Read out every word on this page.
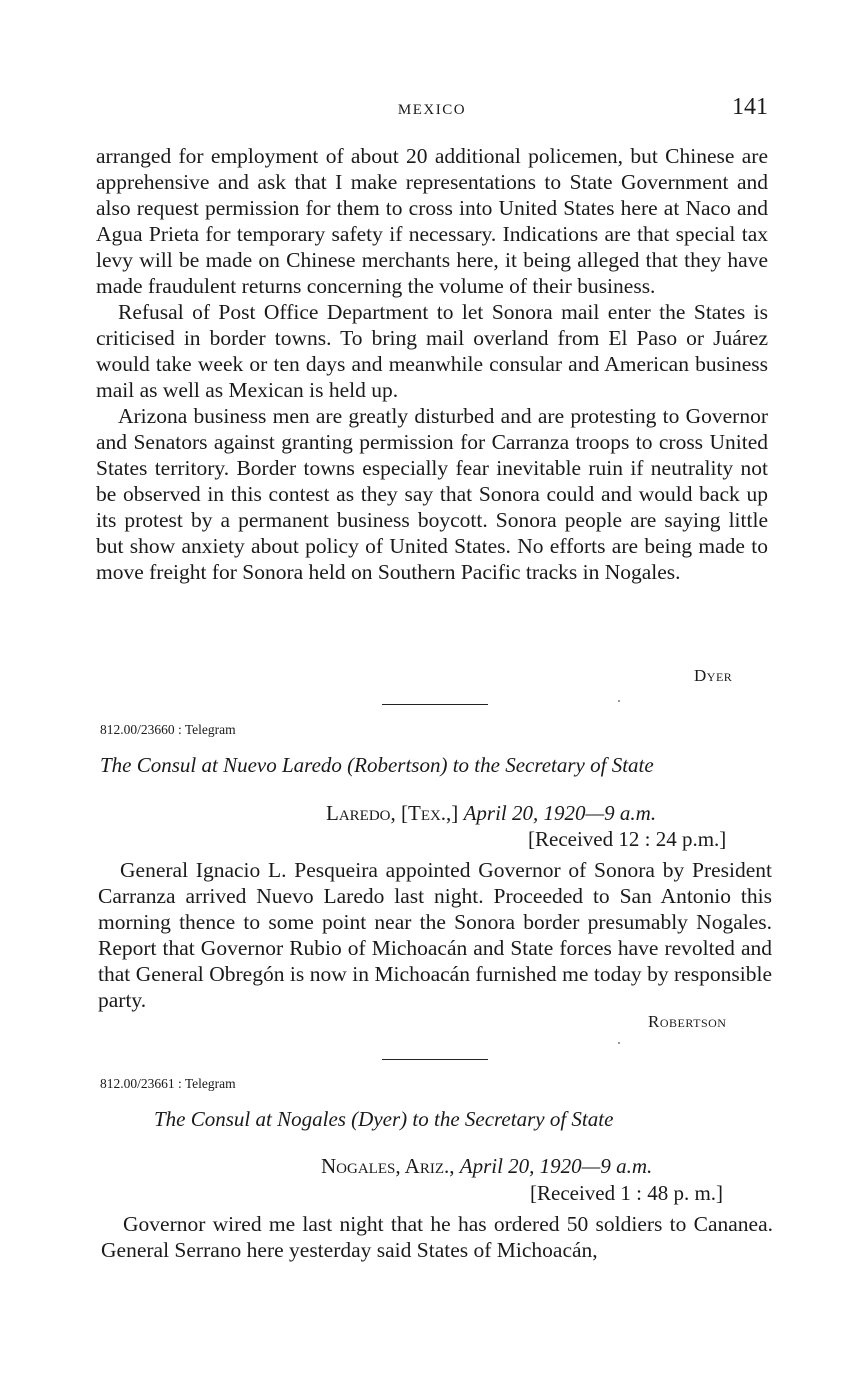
MEXICO	141

arranged for employment of about 20 additional policemen, but Chinese are apprehensive and ask that I make representations to State Government and also request permission for them to cross into United States here at Naco and Agua Prieta for temporary safety if necessary. Indications are that special tax levy will be made on Chinese merchants here, it being alleged that they have made fraudulent returns concerning the volume of their business.

Refusal of Post Office Department to let Sonora mail enter the States is criticised in border towns. To bring mail overland from El Paso or Juárez would take week or ten days and meanwhile consular and American business mail as well as Mexican is held up.

Arizona business men are greatly disturbed and are protesting to Governor and Senators against granting permission for Carranza troops to cross United States territory. Border towns especially fear inevitable ruin if neutrality not be observed in this contest as they say that Sonora could and would back up its protest by a permanent business boycott. Sonora people are saying little but show anxiety about policy of United States. No efforts are being made to move freight for Sonora held on Southern Pacific tracks in Nogales.

Dyer
812.00/23660 : Telegram
The Consul at Nuevo Laredo (Robertson) to the Secretary of State
Laredo, [Tex.,] April 20, 1920—9 a.m.
[Received 12 : 24 p.m.]

General Ignacio L. Pesqueira appointed Governor of Sonora by President Carranza arrived Nuevo Laredo last night. Proceeded to San Antonio this morning thence to some point near the Sonora border presumably Nogales. Report that Governor Rubio of Michoacán and State forces have revolted and that General Obregón is now in Michoacán furnished me today by responsible party.

Robertson
812.00/23661 : Telegram
The Consul at Nogales (Dyer) to the Secretary of State
Nogales, Ariz., April 20, 1920—9 a.m.
[Received 1 : 48 p. m.]

Governor wired me last night that he has ordered 50 soldiers to Cananea. General Serrano here yesterday said States of Michoacán,
